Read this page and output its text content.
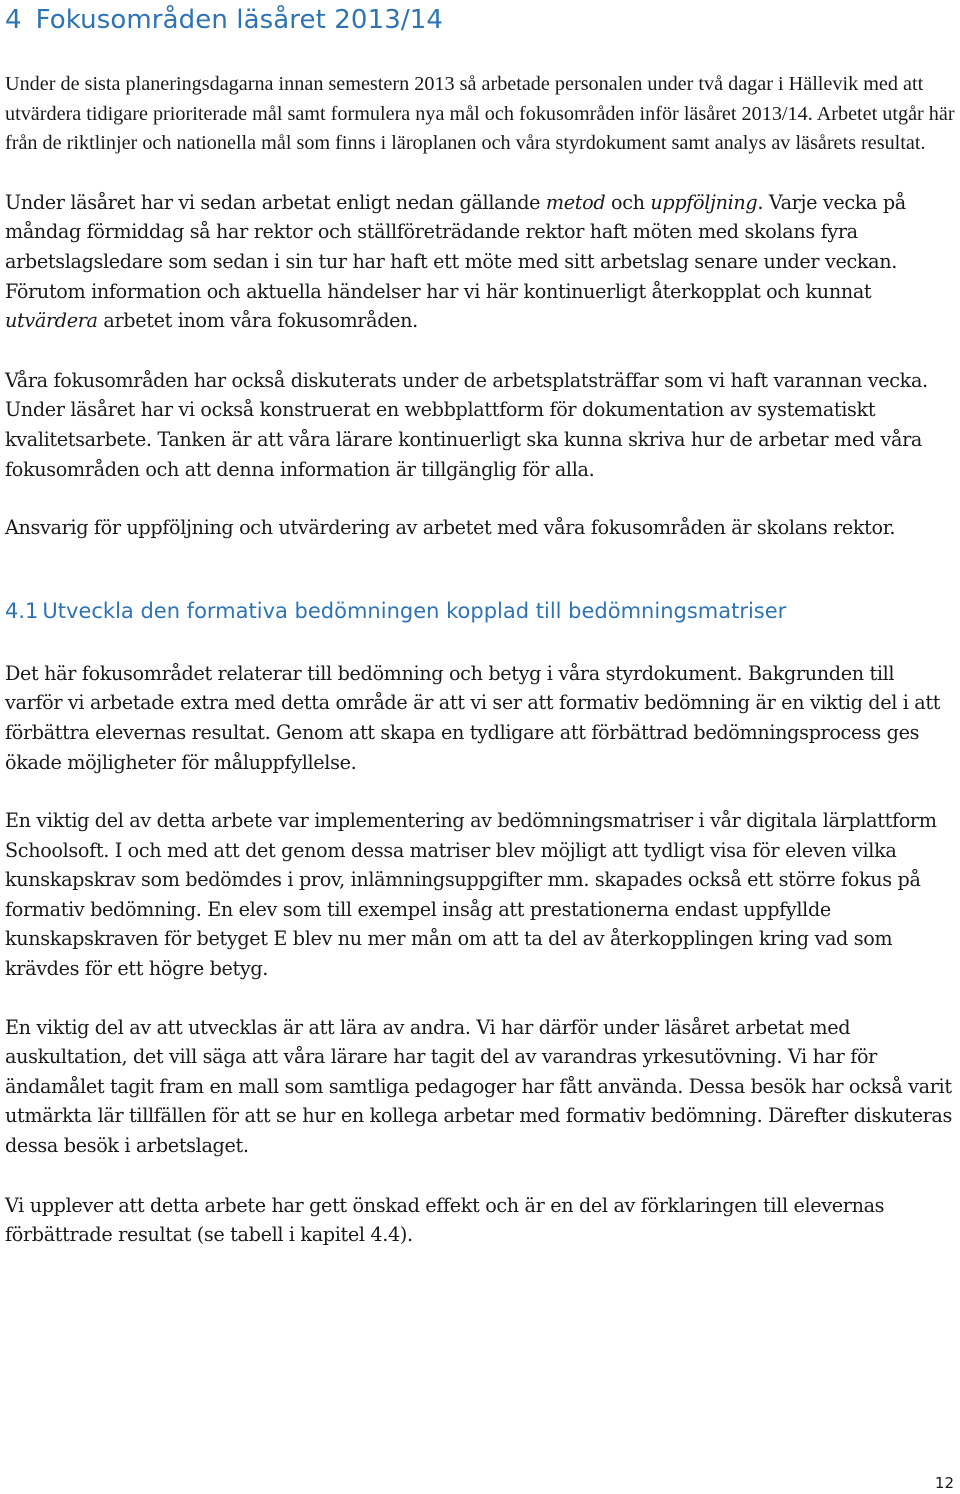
4 Fokusområden läsåret 2013/14

Under de sista planeringsdagarna innan semestern 2013 så arbetade personalen under två dagar i Hällevik med att utvärdera tidigare prioriterade mål samt formulera nya mål och fokusområden inför läsåret 2013/14. Arbetet utgår här från de riktlinjer och nationella mål som finns i läroplanen och våra styrdokument samt analys av läsårets resultat.

Under läsåret har vi sedan arbetat enligt nedan gällande metod och uppföljning. Varje vecka på måndag förmiddag så har rektor och ställföreträdande rektor haft möten med skolans fyra arbetslagsledare som sedan i sin tur har haft ett möte med sitt arbetslag senare under veckan. Förutom information och aktuella händelser har vi här kontinuerligt återkopplat och kunnat utvärdera arbetet inom våra fokusområden.

Våra fokusområden har också diskuterats under de arbetsplatsträffar som vi haft varannan vecka. Under läsåret har vi också konstruerat en webbplattform för dokumentation av systematiskt kvalitetsarbete. Tanken är att våra lärare kontinuerligt ska kunna skriva hur de arbetar med våra fokusområden och att denna information är tillgänglig för alla.

Ansvarig för uppföljning och utvärdering av arbetet med våra fokusområden är skolans rektor.

4.1 Utveckla den formativa bedömningen kopplad till bedömningsmatriser

Det här fokusområdet relaterar till bedömning och betyg i våra styrdokument. Bakgrunden till varför vi arbetade extra med detta område är att vi ser att formativ bedömning är en viktig del i att förbättra elevernas resultat. Genom att skapa en tydligare att förbättrad bedömningsprocess ges ökade möjligheter för måluppfyllelse.

En viktig del av detta arbete var implementering av bedömningsmatriser i vår digitala lärplattform Schoolsoft. I och med att det genom dessa matriser blev möjligt att tydligt visa för eleven vilka kunskapskrav som bedömdes i prov, inlämningsuppgifter mm. skapades också ett större fokus på formativ bedömning. En elev som till exempel insåg att prestationerna endast uppfyllde kunskapskraven för betyget E blev nu mer mån om att ta del av återkopplingen kring vad som krävdes för ett högre betyg.

En viktig del av att utvecklas är att lära av andra. Vi har därför under läsåret arbetat med auskultation, det vill säga att våra lärare har tagit del av varandras yrkesutövning. Vi har för ändamålet tagit fram en mall som samtliga pedagoger har fått använda. Dessa besök har också varit utmärkta lär tillfällen för att se hur en kollega arbetar med formativ bedömning. Därefter diskuteras dessa besök i arbetslaget.

Vi upplever att detta arbete har gett önskad effekt och är en del av förklaringen till elevernas förbättrade resultat (se tabell i kapitel 4.4).

12
